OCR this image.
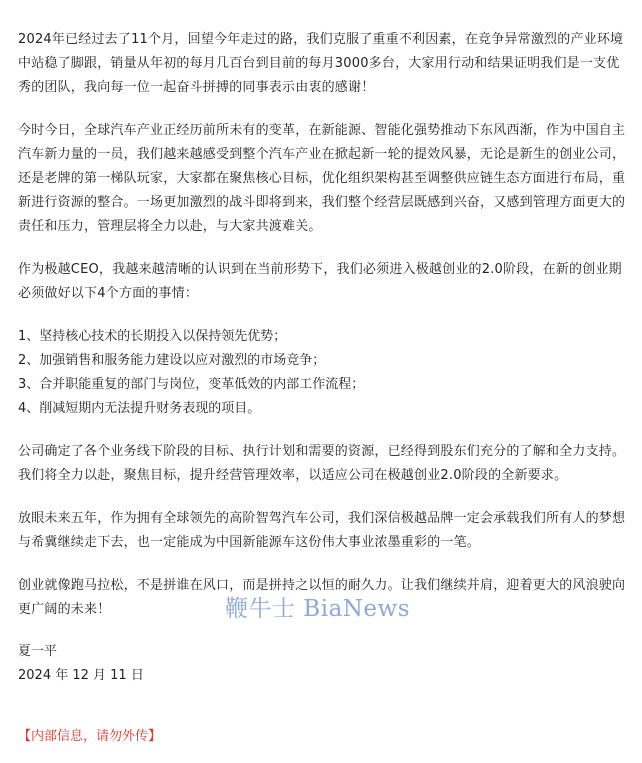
2024年已经过去了11个月，回望今年走过的路，我们克服了重重不利因素，在竞争异常激烈的产业环境中站稳了脚跟，销量从年初的每月几百台到目前的每月3000多台，大家用行动和结果证明我们是一支优秀的团队，我向每一位一起奋斗拼搏的同事表示由衷的感谢！

今时今日，全球汽车产业正经历前所未有的变革，在新能源、智能化强势推动下东风西渐，作为中国自主汽车新力量的一员，我们越来越感受到整个汽车产业在掀起新一轮的提效风暴，无论是新生的创业公司，还是老牌的第一梯队玩家，大家都在聚焦核心目标，优化组织架构甚至调整供应链生态方面进行布局，重新进行资源的整合。一场更加激烈的战斗即将到来，我们整个经营层既感到兴奋，又感到管理方面更大的责任和压力，管理层将全力以赴，与大家共渡难关。

作为极越CEO，我越来越清晰的认识到在当前形势下，我们必须进入极越创业的2.0阶段，在新的创业期必须做好以下4个方面的事情：

1、坚持核心技术的长期投入以保持领先优势；
2、加强销售和服务能力建设以应对激烈的市场竞争；
3、合并职能重复的部门与岗位，变革低效的内部工作流程；
4、削减短期内无法提升财务表现的项目。

公司确定了各个业务线下阶段的目标、执行计划和需要的资源，已经得到股东们充分的了解和全力支持。我们将全力以赴，聚焦目标，提升经营管理效率，以适应公司在极越创业2.0阶段的全新要求。

放眼未来五年，作为拥有全球领先的高阶智驾汽车公司，我们深信极越品牌一定会承载我们所有人的梦想与希冀继续走下去，也一定能成为中国新能源车这份伟大事业浓墨重彩的一笔。

创业就像跑马拉松，不是拼谁在风口，而是拼持之以恒的耐久力。让我们继续并肩，迎着更大的风浪驶向更广阔的未来！	鞭牛士 BiaNews
夏一平
2024 年 12 月 11 日
【内部信息，请勿外传】
